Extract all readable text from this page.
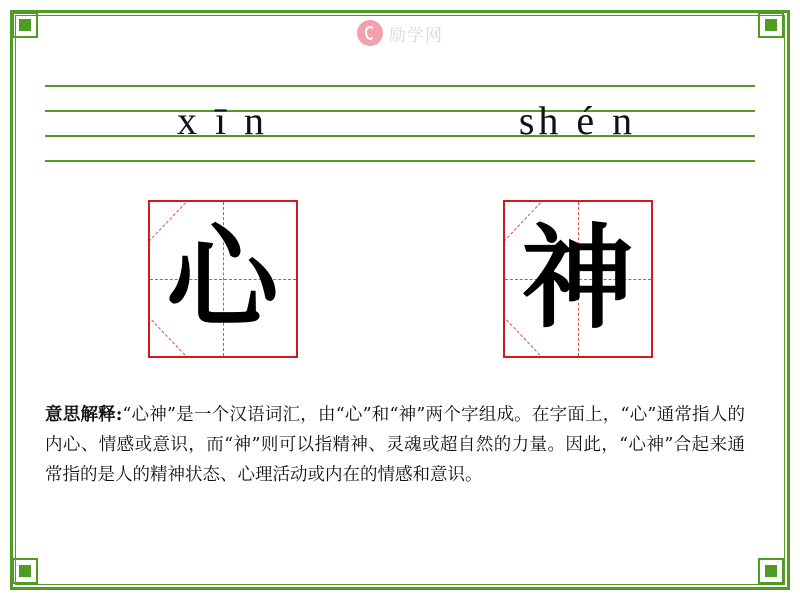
励学网
x ī n	sh é n
心 神
意思解释:“心神”是一个汉语词汇，由“心”和“神”两个字组成。在字面上，“心”通常指人的内心、情感或意识，而“神”则可以指精神、灵魂或超自然的力量。因此，“心神”合起来通常指的是人的精神状态、心理活动或内在的情感和意识。
